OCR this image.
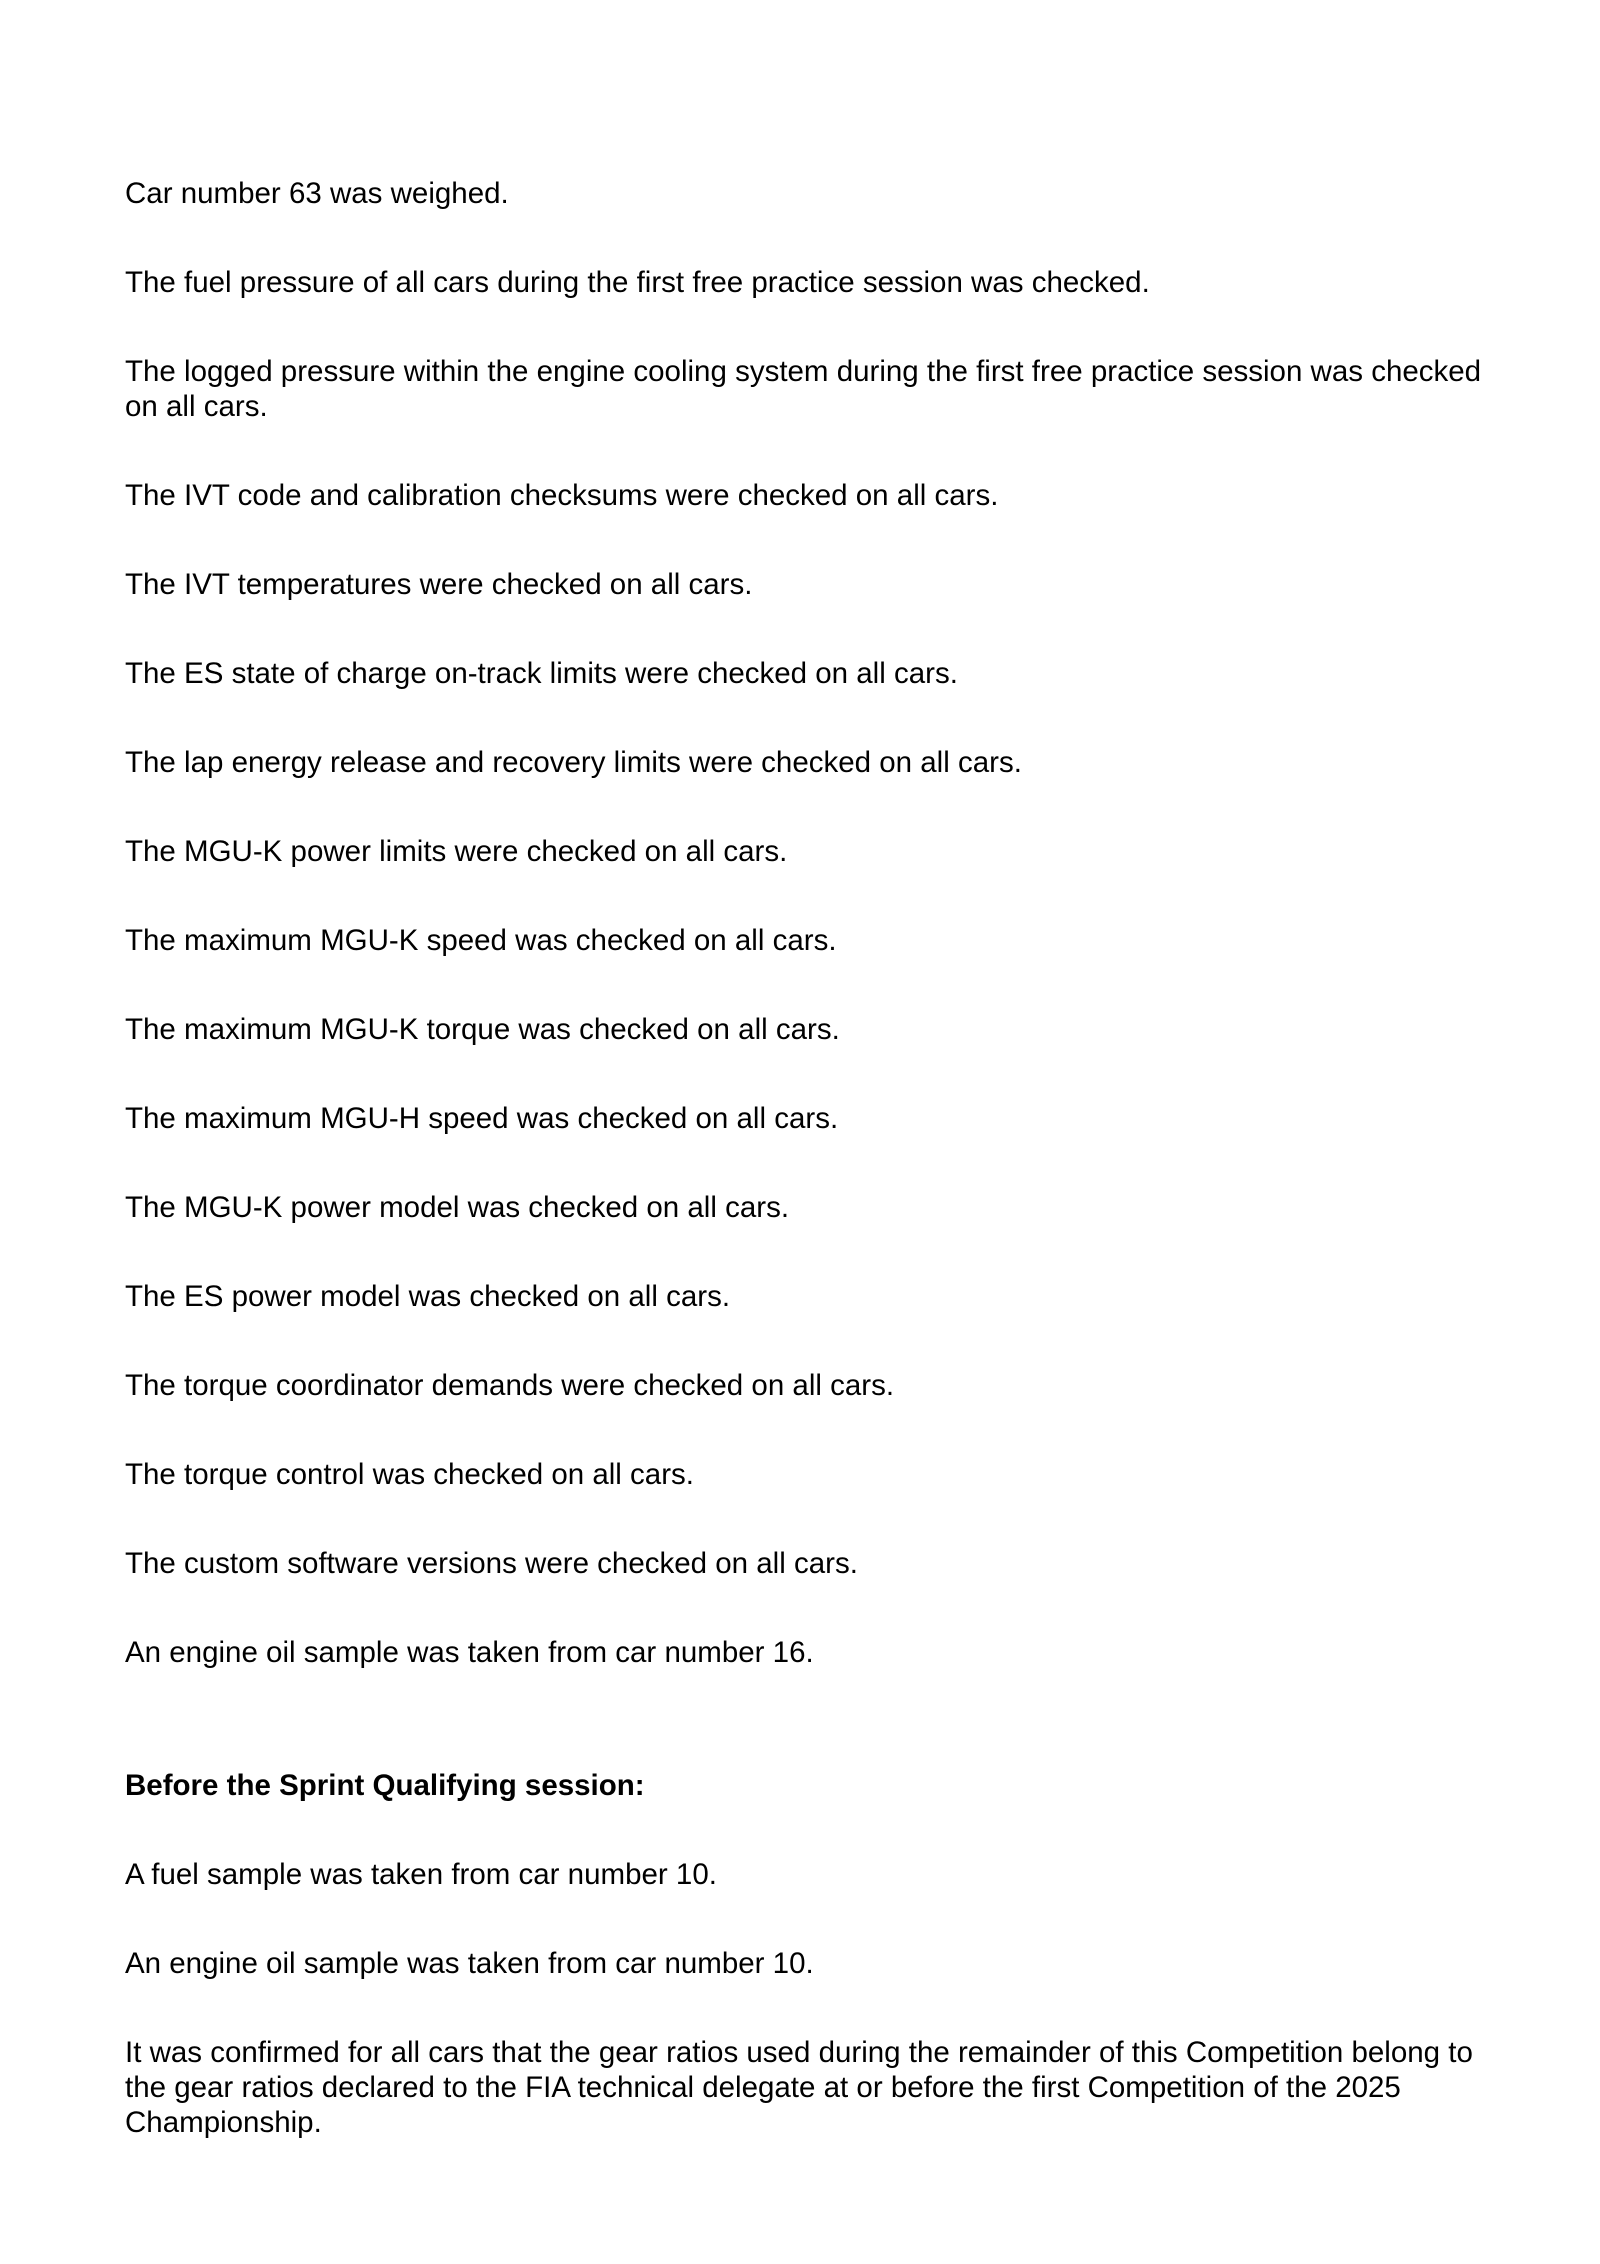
Car number 63 was weighed.

The fuel pressure of all cars during the first free practice session was checked.

The logged pressure within the engine cooling system during the first free practice session was checked on all cars.

The IVT code and calibration checksums were checked on all cars.

The IVT temperatures were checked on all cars.

The ES state of charge on-track limits were checked on all cars.

The lap energy release and recovery limits were checked on all cars.

The MGU-K power limits were checked on all cars.

The maximum MGU-K speed was checked on all cars.

The maximum MGU-K torque was checked on all cars.

The maximum MGU-H speed was checked on all cars.

The MGU-K power model was checked on all cars.

The ES power model was checked on all cars.

The torque coordinator demands were checked on all cars.

The torque control was checked on all cars.

The custom software versions were checked on all cars.

An engine oil sample was taken from car number 16.

Before the Sprint Qualifying session:

A fuel sample was taken from car number 10.

An engine oil sample was taken from car number 10.

It was confirmed for all cars that the gear ratios used during the remainder of this Competition belong to the gear ratios declared to the FIA technical delegate at or before the first Competition of the 2025 Championship.
